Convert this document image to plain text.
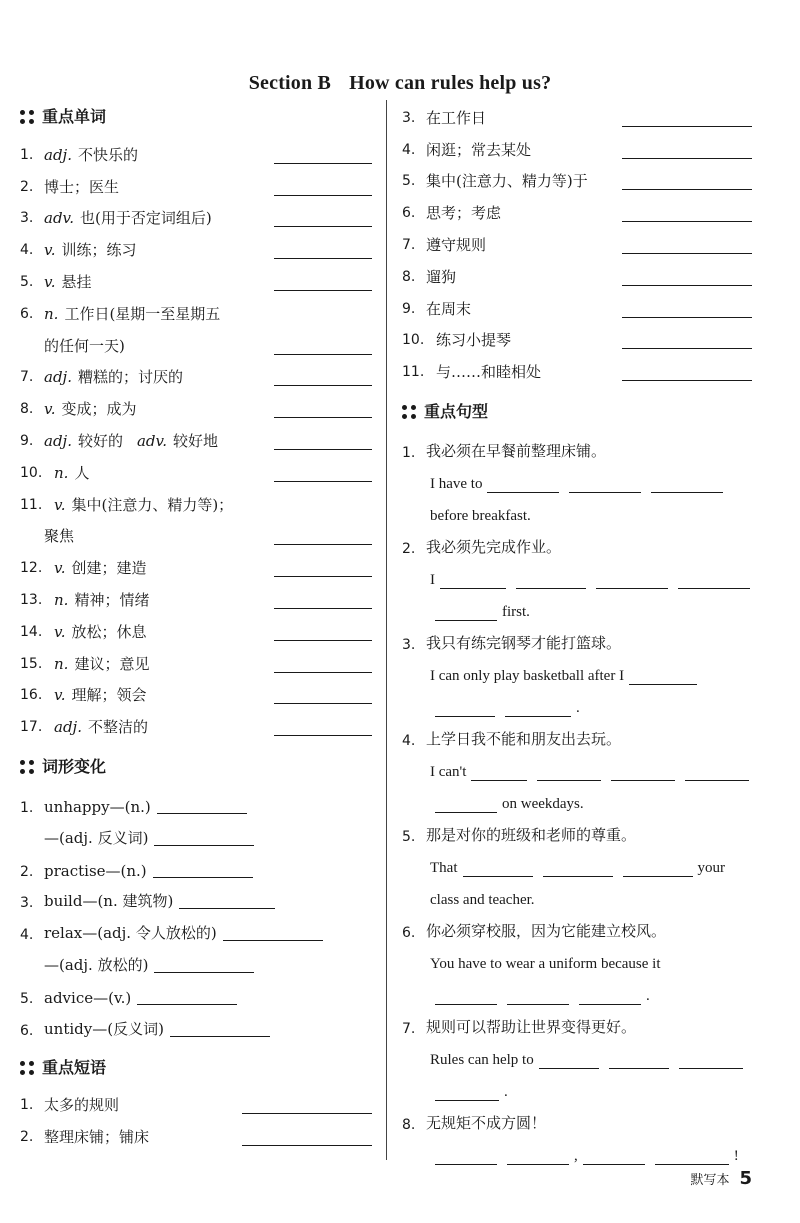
Section B How can rules help us?
重点单词
1. adj. 不快乐的
2. 博士；医生
3. adv. 也(用于否定词组后)
4. v. 训练；练习
5. v. 悬挂
6. n. 工作日(星期一至星期五
的任何一天)
7. adj. 糟糕的；讨厌的
8. v. 变成；成为
9. adj. 较好的 adv. 较好地
10. n. 人
11. v. 集中(注意力、精力等)；
聚焦
12. v. 创建；建造
13. n. 精神；情绪
14. v. 放松；休息
15. n. 建议；意见
16. v. 理解；领会
17. adj. 不整洁的
词形变化
1. unhappy—(n.)
—(adj. 反义词)
2. practise—(n.)
3. build—(n. 建筑物)
4. relax—(adj. 令人放松的)
—(adj. 放松的)
5. advice—(v.)
6. untidy—(反义词)
重点短语
1. 太多的规则
2. 整理床铺；铺床
3. 在工作日
4. 闲逛；常去某处
5. 集中(注意力、精力等)于
6. 思考；考虑
7. 遵守规则
8. 遛狗
9. 在周末
10. 练习小提琴
11. 与……和睦相处
重点句型
1. 我必须在早餐前整理床铺。
I have to
before breakfast.
2. 我必须先完成作业。
I
first.
3. 我只有练完钢琴才能打篮球。
I can only play basketball after I
.
4. 上学日我不能和朋友出去玩。
I can't
on weekdays.
5. 那是对你的班级和老师的尊重。
That	your
class and teacher.
6. 你必须穿校服，因为它能建立校风。
You have to wear a uniform because it
.
7. 规则可以帮助让世界变得更好。
Rules can help to
.
8. 无规矩不成方圆！
,	!
默写本 5
